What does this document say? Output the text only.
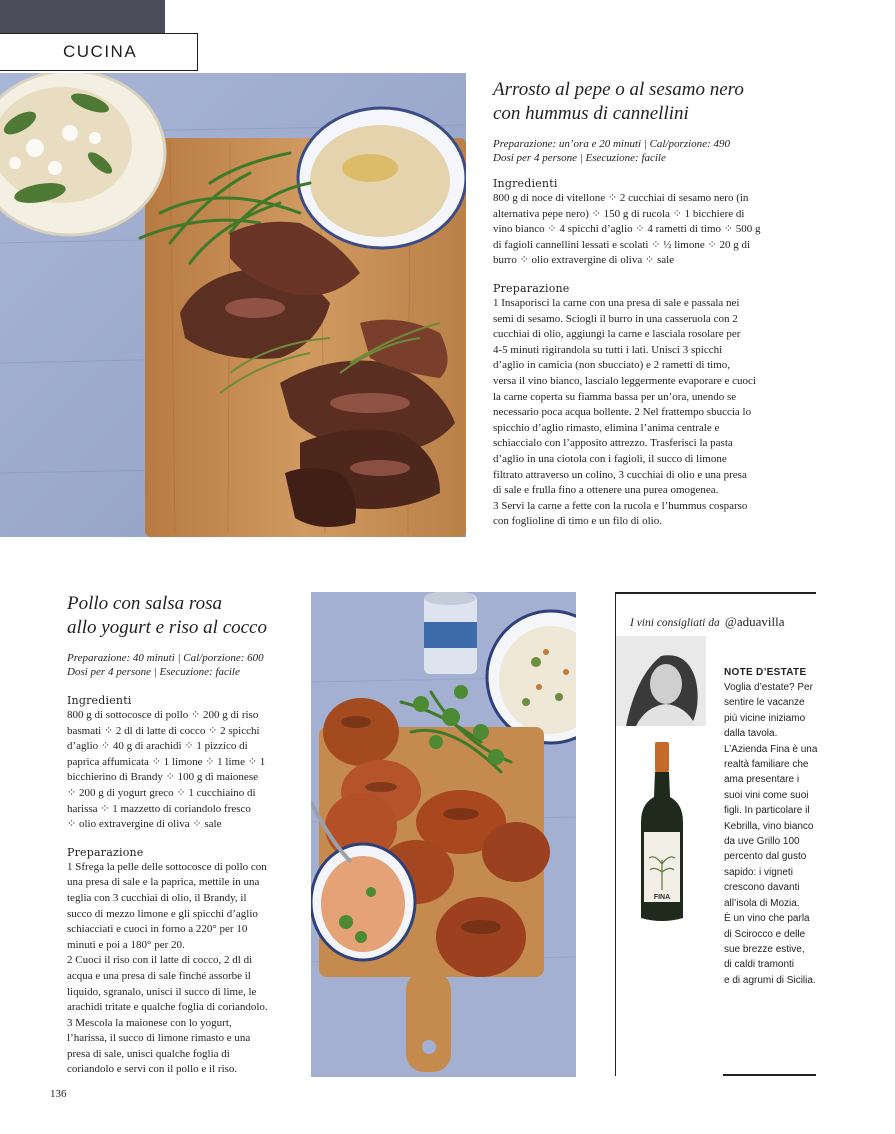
CUCINA
Arrosto al pepe o al sesamo nero
con hummus di cannellini
Preparazione: un’ora e 20 minuti | Cal/porzione: 490
Dosi per 4 persone | Esecuzione: facile
Ingredienti
800 g di noce di vitellone ⁘ 2 cucchiai di sesamo nero (in
alternativa pepe nero) ⁘ 150 g di rucola ⁘ 1 bicchiere di
vino bianco ⁘ 4 spicchi d’aglio ⁘ 4 rametti di timo ⁘ 500 g
di fagioli cannellini lessati e scolati ⁘ ½ limone ⁘ 20 g di
burro ⁘ olio extravergine di oliva ⁘ sale
Preparazione
1 Insaporisci la carne con una presa di sale e passala nei
semi di sesamo. Sciogli il burro in una casseruola con 2
cucchiai di olio, aggiungi la carne e lasciala rosolare per
4-5 minuti rigirandola su tutti i lati. Unisci 3 spicchi
d’aglio in camicia (non sbucciato) e 2 rametti di timo,
versa il vino bianco, lascialo leggermente evaporare e cuoci
la carne coperta su fiamma bassa per un’ora, unendo se
necessario poca acqua bollente. 2 Nel frattempo sbuccia lo
spicchio d’aglio rimasto, elimina l’anima centrale e
schiaccialo con l’apposito attrezzo. Trasferisci la pasta
d’aglio in una ciotola con i fagioli, il succo di limone
filtrato attraverso un colino, 3 cucchiai di olio e una presa
di sale e frulla fino a ottenere una purea omogenea.
3 Servi la carne a fette con la rucola e l’hummus cosparso
con foglioline di timo e un filo di olio.
Pollo con salsa rosa
allo yogurt e riso al cocco
Preparazione: 40 minuti | Cal/porzione: 600
Dosi per 4 persone | Esecuzione: facile
Ingredienti
800 g di sottocosce di pollo ⁘ 200 g di riso
basmati ⁘ 2 dl di latte di cocco ⁘ 2 spicchi
d’aglio ⁘ 40 g di arachidi ⁘ 1 pizzico di
paprica affumicata ⁘ 1 limone ⁘ 1 lime ⁘ 1
bicchierino di Brandy ⁘ 100 g di maionese
⁘ 200 g di yogurt greco ⁘ 1 cucchiaino di
harissa ⁘ 1 mazzetto di coriandolo fresco
⁘ olio extravergine di oliva ⁘ sale
Preparazione
1 Sfrega la pelle delle sottocosce di pollo con
una presa di sale e la paprica, mettile in una
teglia con 3 cucchiai di olio, il Brandy, il
succo di mezzo limone e gli spicchi d’aglio
schiacciati e cuoci in forno a 220° per 10
minuti e poi a 180° per 20.
2 Cuoci il riso con il latte di cocco, 2 dl di
acqua e una presa di sale finché assorbe il
liquido, sgranalo, unisci il succo di lime, le
arachidi tritate e qualche foglia di coriandolo.
3 Mescola la maionese con lo yogurt,
l’harissa, il succo di limone rimasto e una
presa di sale, unisci qualche foglia di
coriandolo e servi con il pollo e il riso.
I vini consigliati da @aduavilla
FINA
NOTE D’ESTATE
Voglia d’estate? Per
sentire le vacanze
più vicine iniziamo
dalla tavola.
L’Azienda Fina è una
realtà familiare che
ama presentare i
suoi vini come suoi
figli. In particolare il
Kebrilla, vino bianco
da uve Grillo 100
percento dal gusto
sapido: i vigneti
crescono davanti
all’isola di Mozia.
È un vino che parla
di Scirocco e delle
sue brezze estive,
di caldi tramonti
e di agrumi di Sicilia.
136
